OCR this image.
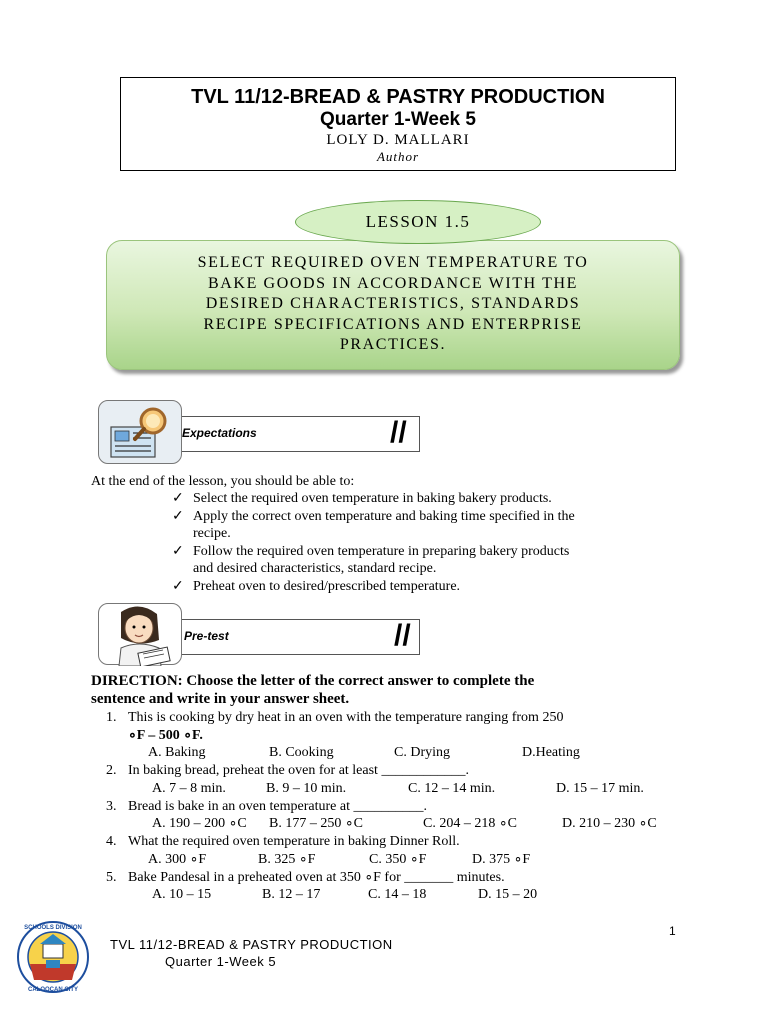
TVL 11/12-BREAD & PASTRY PRODUCTION
Quarter 1-Week 5
LOLY D. MALLARI
Author
SELECT REQUIRED OVEN TEMPERATURE TO
BAKE GOODS IN ACCORDANCE WITH THE
DESIRED CHARACTERISTICS, STANDARDS
RECIPE SPECIFICATIONS AND ENTERPRISE
PRACTICES.
LESSON 1.5
Expectations	//
At the end of the lesson, you should be able to:
✓ Select the required oven temperature in baking bakery products.
✓ Apply the correct oven temperature and baking time specified in the
recipe.
✓ Follow the required oven temperature in preparing bakery products
and desired characteristics, standard recipe.
✓ Preheat oven to desired/prescribed temperature.
Pre-test	//
DIRECTION: Choose the letter of the correct answer to complete the
sentence and write in your answer sheet.
1. This is cooking by dry heat in an oven with the temperature ranging from 250
∘F – 500 ∘F.
A. Baking	B. Cooking	C. Drying	D.Heating
2. In baking bread, preheat the oven for at least ____________.
A. 7 – 8 min.	B. 9 – 10 min.	C. 12 – 14 min.	D. 15 – 17 min.
3. Bread is bake in an oven temperature at __________.
A. 190 – 200 ∘C B. 177 – 250 ∘C	C. 204 – 218 ∘C	D. 210 – 230 ∘C
4. What the required oven temperature in baking Dinner Roll.
A. 300 ∘F	B. 325 ∘F	C. 350 ∘F	D. 375 ∘F
5. Bake Pandesal in a preheated oven at 350 ∘F for _______ minutes.
A. 10 – 15	B. 12 – 17	C. 14 – 18	D. 15 – 20
SCHOOLS DIVISION
CALOOCAN CITY
TVL 11/12-BREAD & PASTRY PRODUCTION
Quarter 1-Week 5
1
